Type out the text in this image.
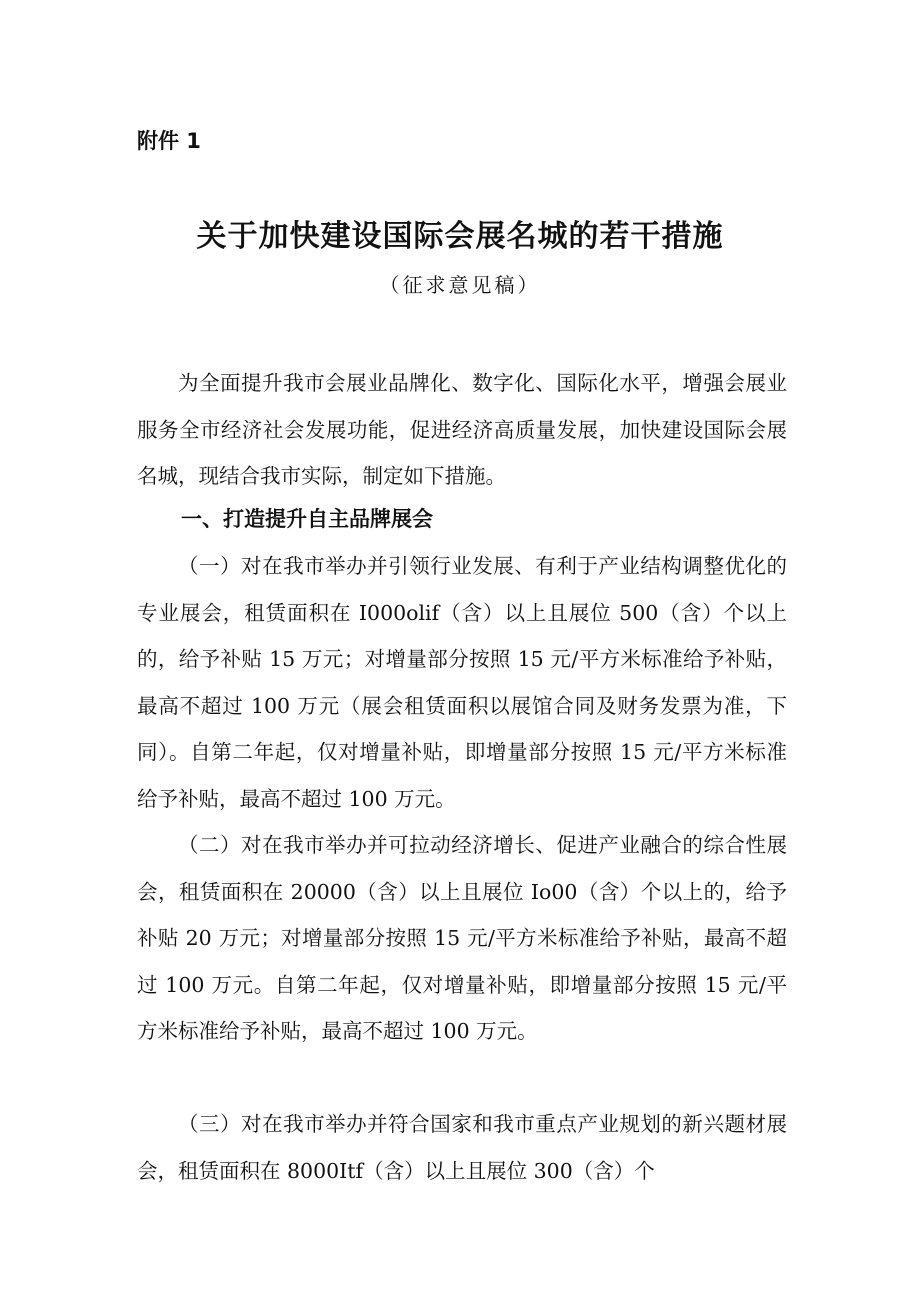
附件 1
关于加快建设国际会展名城的若干措施
（征求意见稿）

为全面提升我市会展业品牌化、数字化、国际化水平，增强会展业服务全市经济社会发展功能，促进经济高质量发展，加快建设国际会展名城，现结合我市实际，制定如下措施。

一、打造提升自主品牌展会

（一）对在我市举办并引领行业发展、有利于产业结构调整优化的专业展会，租赁面积在 I000olif（含）以上且展位 500（含）个以上的，给予补贴 15 万元；对增量部分按照 15 元/平方米标准给予补贴，最高不超过 100 万元（展会租赁面积以展馆合同及财务发票为准，下同）。自第二年起，仅对增量补贴，即增量部分按照 15 元/平方米标准给予补贴，最高不超过 100 万元。

（二）对在我市举办并可拉动经济增长、促进产业融合的综合性展会，租赁面积在 20000（含）以上且展位 Io00（含）个以上的，给予补贴 20 万元；对增量部分按照 15 元/平方米标准给予补贴，最高不超过 100 万元。自第二年起，仅对增量补贴，即增量部分按照 15 元/平方米标准给予补贴，最高不超过 100 万元。

（三）对在我市举办并符合国家和我市重点产业规划的新兴题材展会，租赁面积在 8000Itf（含）以上且展位 300（含）个
